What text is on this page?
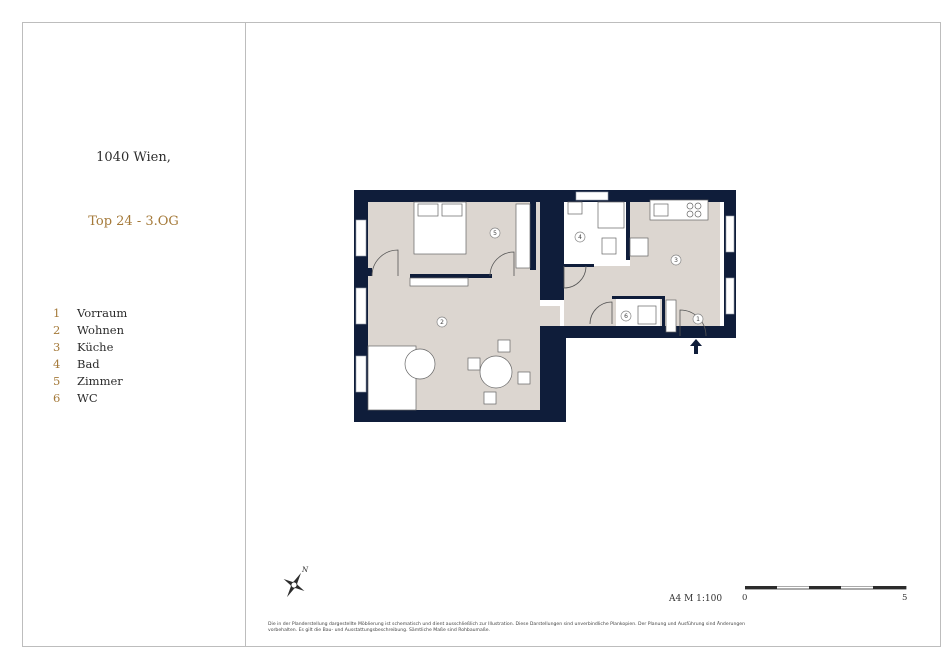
1040 Wien,
Top 24 - 3.OG
1 Vorraum
2 Wohnen
3 Küche
4 Bad
5 Zimmer
6 WC
1
2
3
4
5
6
N
A4 M 1:100 0	5
Die in der Planderstellung dargestellte Möblierung ist schematisch und dient ausschließlich zur Illustration. Diese Darstellungen sind unverbindliche Plankopien. Der Planung und Ausführung sind Änderungen vorbehalten. Es gilt die Bau- und Ausstattungsbeschreibung. Sämtliche Maße sind Rohbaumaße.
